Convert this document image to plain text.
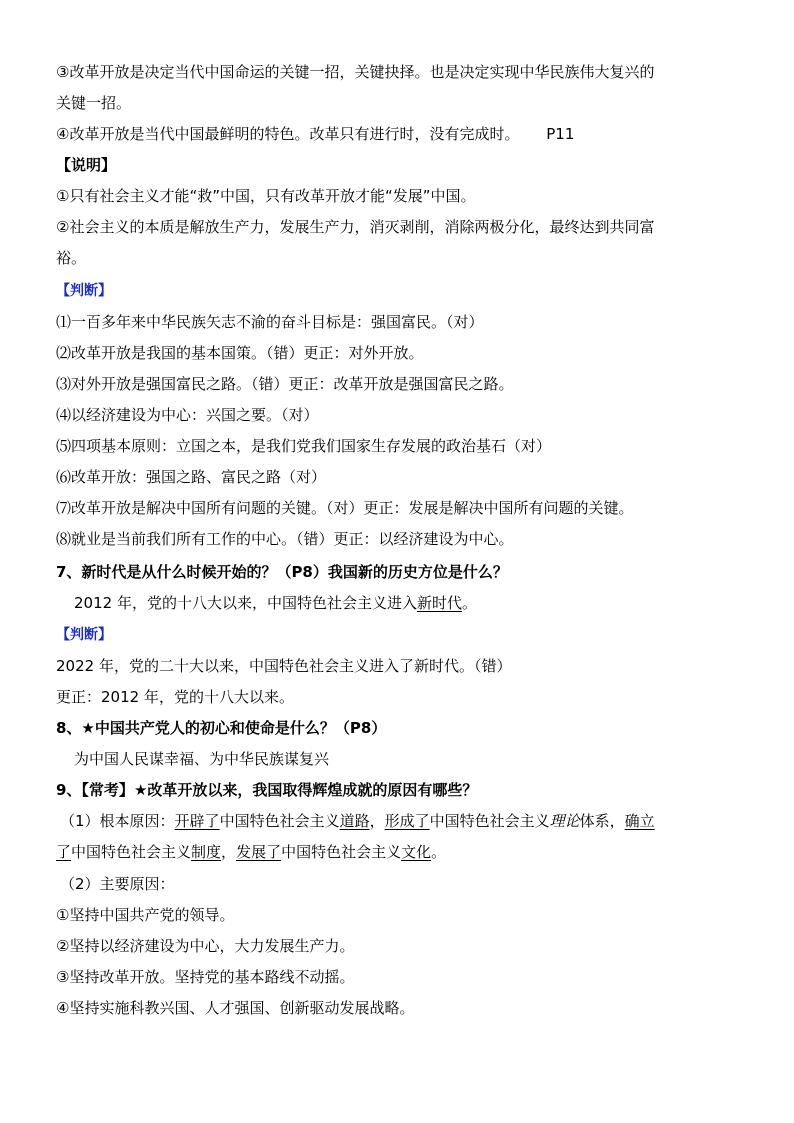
③改革开放是决定当代中国命运的关键一招，关键抉择。也是决定实现中华民族伟大复兴的
关键一招。
④改革开放是当代中国最鲜明的特色。改革只有进行时，没有完成时。 P11
【说明】
①只有社会主义才能“救”中国，只有改革开放才能“发展”中国。
②社会主义的本质是解放生产力，发展生产力，消灭剥削，消除两极分化，最终达到共同富
裕。
【判断】
⑴一百多年来中华民族矢志不渝的奋斗目标是：强国富民。（对）
⑵改革开放是我国的基本国策。（错）更正：对外开放。
⑶对外开放是强国富民之路。（错）更正：改革开放是强国富民之路。
⑷以经济建设为中心：兴国之要。（对）
⑸四项基本原则：立国之本，是我们党我们国家生存发展的政治基石（对）
⑹改革开放：强国之路、富民之路（对）
⑺改革开放是解决中国所有问题的关键。（对）更正：发展是解决中国所有问题的关键。
⑻就业是当前我们所有工作的中心。（错）更正：以经济建设为中心。
7、新时代是从什么时候开始的？（P8）我国新的历史方位是什么？
2012 年，党的十八大以来，中国特色社会主义进入新时代。
【判断】
2022 年，党的二十大以来，中国特色社会主义进入了新时代。（错）
更正：2012 年，党的十八大以来。
8、★中国共产党人的初心和使命是什么？（P8）
为中国人民谋幸福、为中华民族谋复兴
9、【常考】★改革开放以来，我国取得辉煌成就的原因有哪些？
（1）根本原因：开辟了中国特色社会主义道路，形成了中国特色社会主义理论体系，确立
了中国特色社会主义制度，发展了中国特色社会主义文化。
（2）主要原因：
①坚持中国共产党的领导。
②坚持以经济建设为中心，大力发展生产力。
③坚持改革开放。坚持党的基本路线不动摇。
④坚持实施科教兴国、人才强国、创新驱动发展战略。
